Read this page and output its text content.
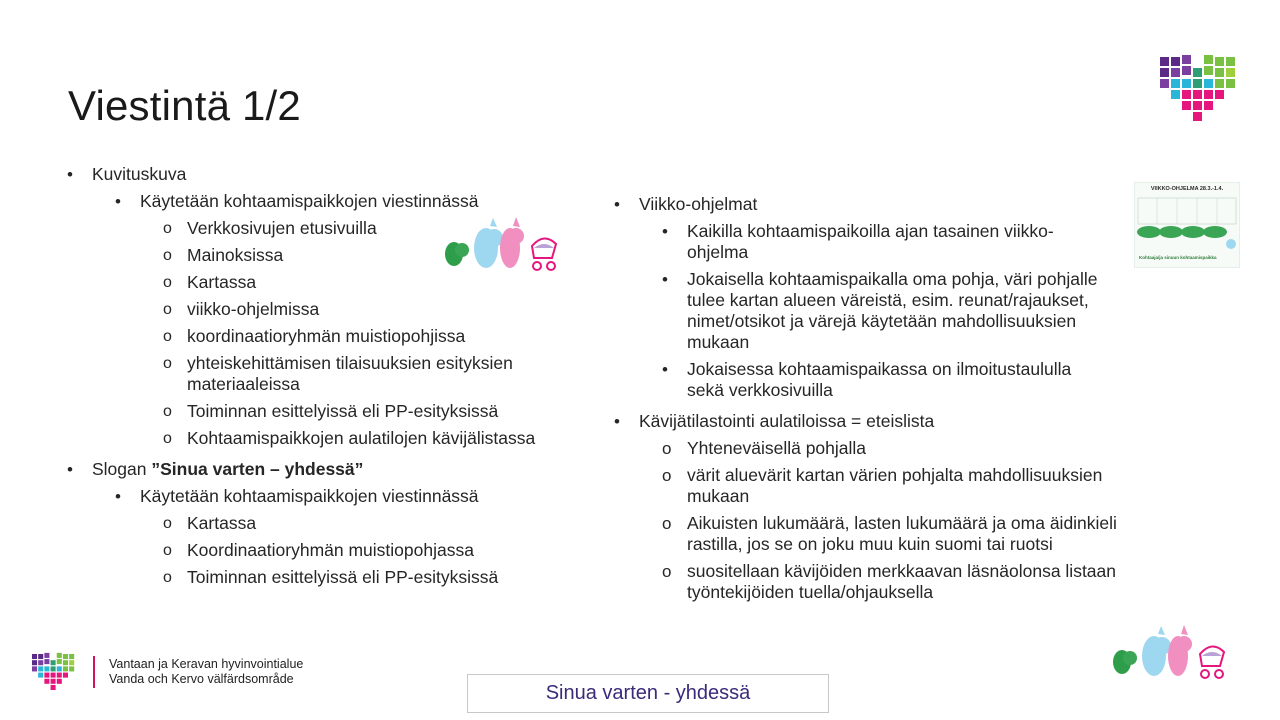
Viestintä 1/2
• Kuvituskuva
• Käytetään kohtaamispaikkojen viestinnässä
o Verkkosivujen etusivuilla
o Mainoksissa
o Kartassa
o viikko-ohjelmissa
o koordinaatioryhmän muistiopohjissa
o yhteiskehittämisen tilaisuuksien esityksien materiaaleissa
o Toiminnan esittelyissä eli PP-esityksissä
o Kohtaamispaikkojen aulatilojen kävijälistassa
• Slogan ”Sinua varten – yhdessä”
• Käytetään kohtaamispaikkojen viestinnässä
o Kartassa
o Koordinaatioryhmän muistiopohjassa
o Toiminnan esittelyissä eli PP-esityksissä
• Viikko-ohjelmat
• Kaikilla kohtaamispaikoilla ajan tasainen viikko-ohjelma
• Jokaisella kohtaamispaikalla oma pohja, väri pohjalle tulee kartan alueen väreistä, esim. reunat/rajaukset, nimet/otsikot ja värejä käytetään mahdollisuuksien mukaan
• Jokaisessa kohtaamispaikassa on ilmoitustaululla sekä verkkosivuilla
• Kävijätilastointi aulatiloissa = eteislista
o Yhteneväisellä pohjalla
o värit aluevärit kartan värien pohjalta mahdollisuuksien mukaan
o Aikuisten lukumäärä, lasten lukumäärä ja oma äidinkieli rastilla, jos se on joku muu kuin suomi tai ruotsi
o suositellaan kävijöiden merkkaavan läsnäolonsa listaan työntekijöiden tuella/ohjauksella
VIIKKO-OHJELMA 28.3.-1.4.
Kohtaaja/ja sinuun kohtaamispaikka
Vantaan ja Keravan hyvinvointialue
Vanda och Kervo välfärdsområde
Sinua varten - yhdessä
